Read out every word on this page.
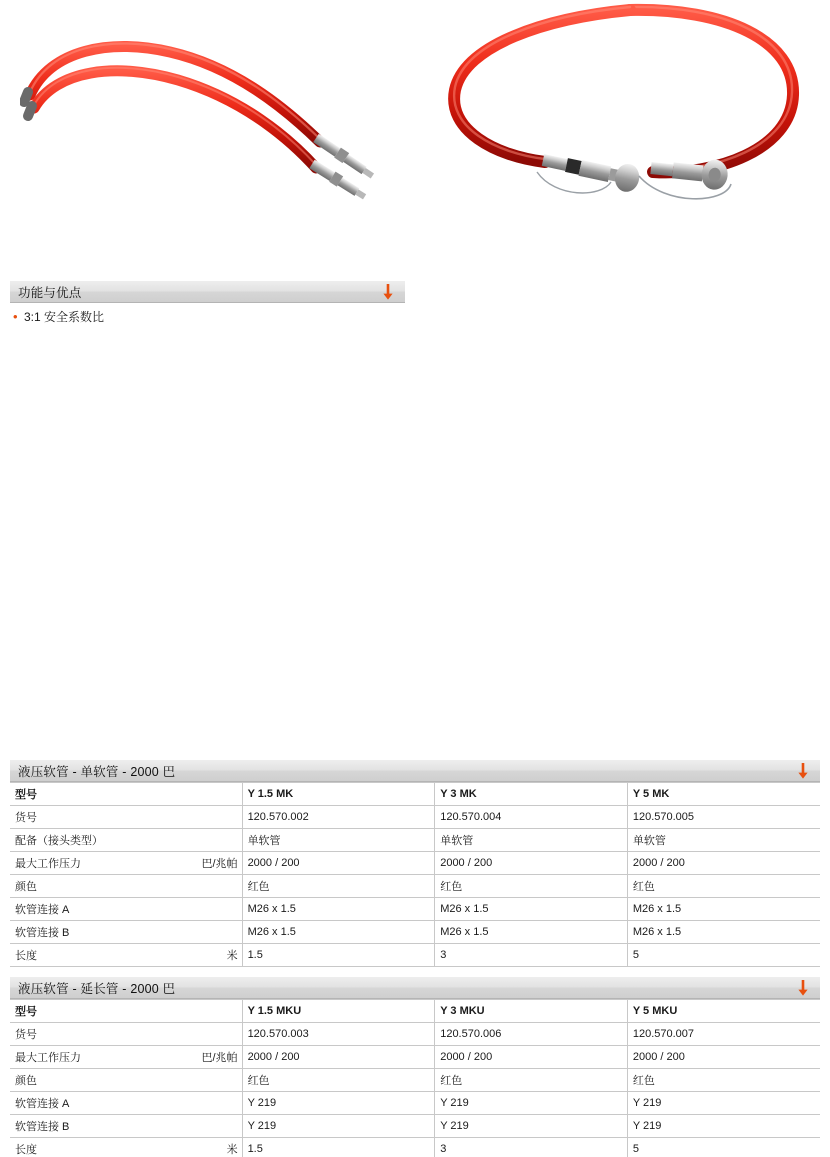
功能与优点
• 3:1 安全系数比
液压软管 - 单软管 - 2000 巴
型号	Y 1.5 MK	Y 3 MK	Y 5 MK

货号	120.570.002	120.570.004	120.570.005

配备（接头类型）	单软管	单软管	单软管

最大工作压力 巴/兆帕	2000 / 200	2000 / 200	2000 / 200

颜色	红色	红色	红色

软管连接 A	M26 x 1.5	M26 x 1.5	M26 x 1.5

软管连接 B	M26 x 1.5	M26 x 1.5	M26 x 1.5

长度 米	1.5	3	5
液压软管 - 延长管 - 2000 巴
型号	Y 1.5 MKU	Y 3 MKU	Y 5 MKU

货号	120.570.003	120.570.006	120.570.007

最大工作压力 巴/兆帕	2000 / 200	2000 / 200	2000 / 200

颜色	红色	红色	红色

软管连接 A	Y 219	Y 219	Y 219

软管连接 B	Y 219	Y 219	Y 219

长度 米	1.5	3	5
